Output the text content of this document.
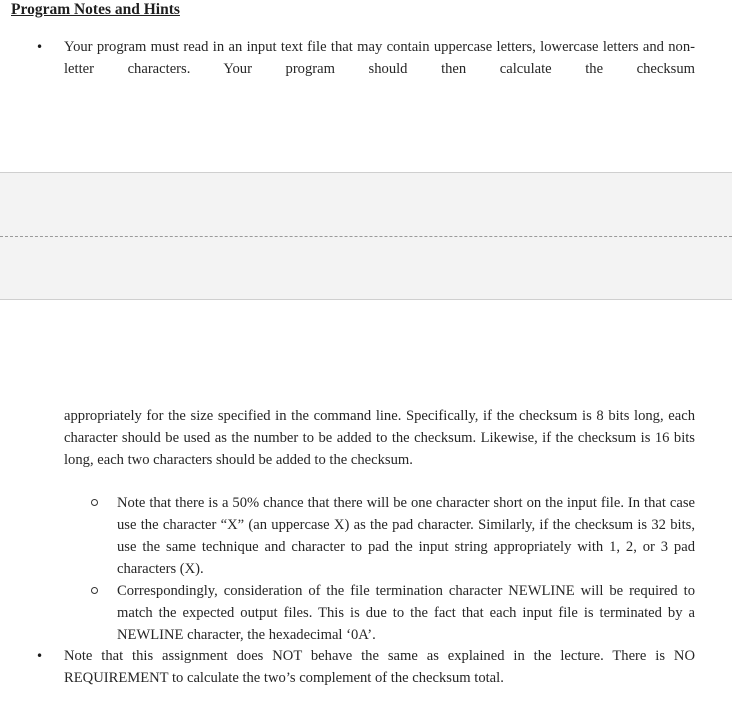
Program Notes and Hints
• Your program must read in an input text file that may contain uppercase letters, lowercase letters and non-letter characters. Your program should then calculate the checksum

appropriately for the size specified in the command line. Specifically, if the checksum is 8 bits long, each character should be used as the number to be added to the checksum. Likewise, if the checksum is 16 bits long, each two characters should be added to the checksum.

Note that there is a 50% chance that there will be one character short on the input file. In that case use the character “X” (an uppercase X) as the pad character. Similarly, if the checksum is 32 bits, use the same technique and character to pad the input string appropriately with 1, 2, or 3 pad characters (X).

Correspondingly, consideration of the file termination character NEWLINE will be required to match the expected output files. This is due to the fact that each input file is terminated by a NEWLINE character, the hexadecimal ‘0A’.

• Note that this assignment does NOT behave the same as explained in the lecture. There is NO REQUIREMENT to calculate the two’s complement of the checksum total.
